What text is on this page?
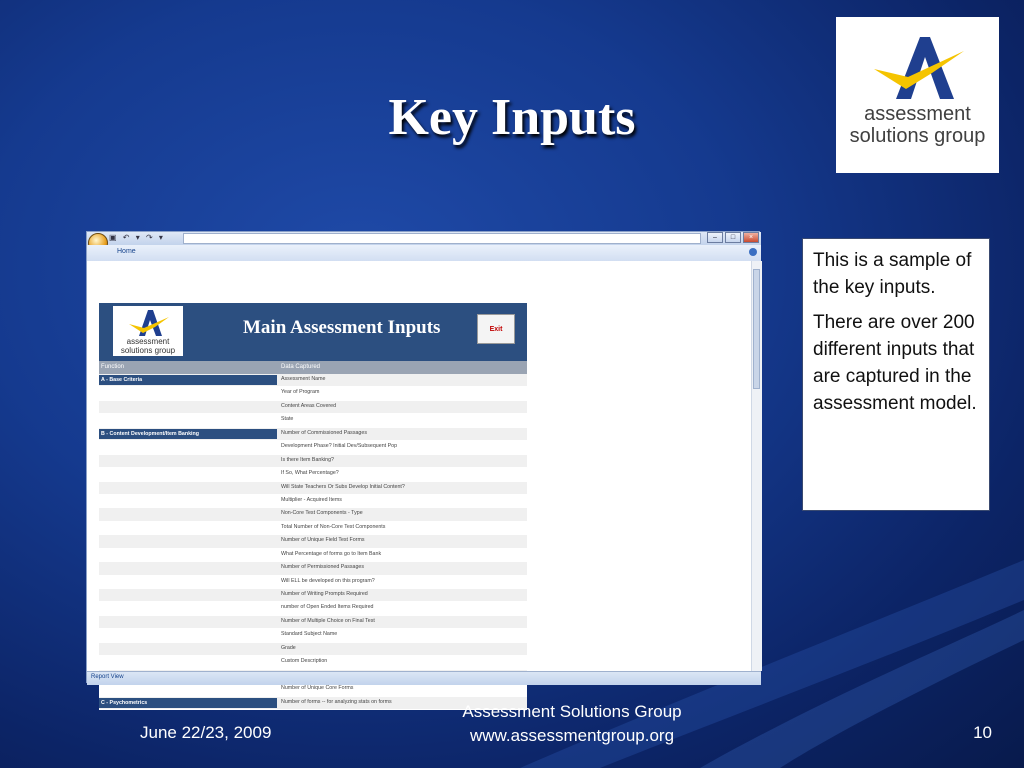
Key Inputs	assessment
solutions group
▣ ↶ ▾ ↷ ▾	–	□	×
Home
assessment
solutions group
Main Assessment Inputs	Exit
Function	Data Captured
A - Base Criteria	Assessment Name
Year of Program
Content Areas Covered
State
B - Content Development/Item Banking	Number of Commissioned Passages
Development Phase? Initial Dev/Subsequent Pop
Is there Item Banking?
If So, What Percentage?
Will State Teachers Or Subs Develop Initial Content?
Multiplier - Acquired Items
Non-Core Test Components - Type
Total Number of Non-Core Test Components
Number of Unique Field Test Forms
What Percentage of forms go to Item Bank
Number of Permissioned Passages
Will ELL be developed on this program?
Number of Writing Prompts Required
number of Open Ended Items Required
Number of Multiple Choice on Final Test
Standard Subject Name
Grade
Custom Description
Number of Unique Core Forms
C - Psychometrics	Number of forms -- for analyzing stats on forms
Report View

This is a sample of the key inputs.

There are over 200 different inputs that are captured in the assessment model.

June 22/23, 2009
Assessment Solutions Group
www.assessmentgroup.org	10
